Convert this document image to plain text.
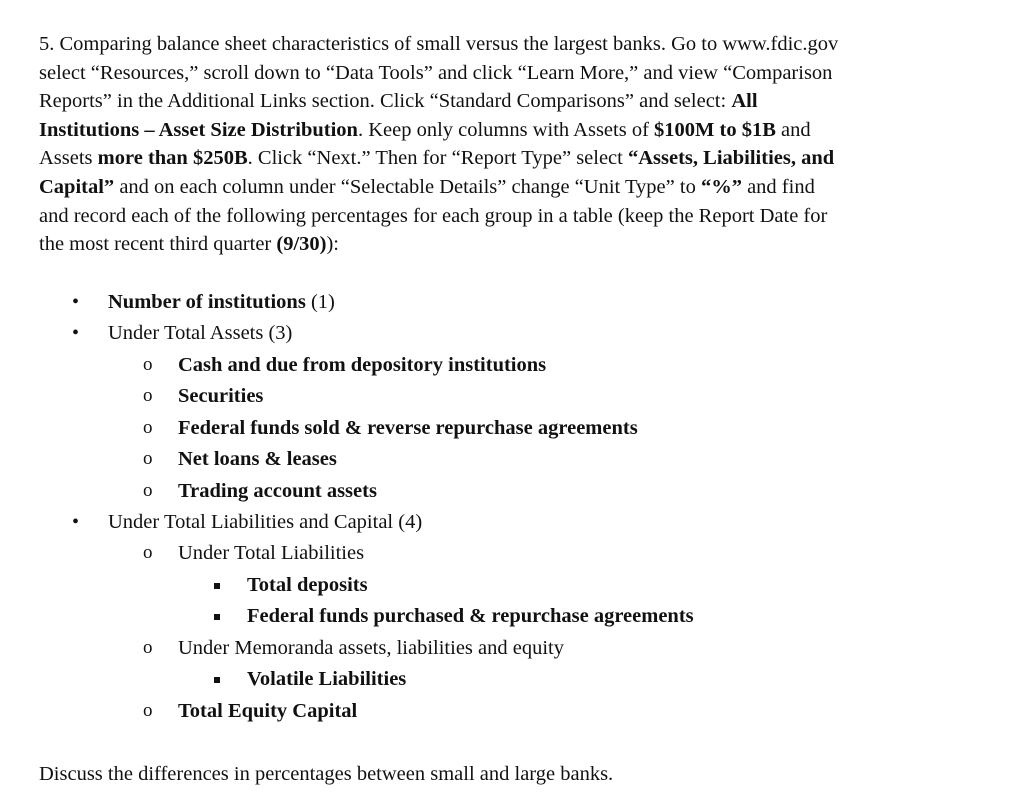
5. Comparing balance sheet characteristics of small versus the largest banks. Go to www.fdic.gov
select “Resources,” scroll down to “Data Tools” and click “Learn More,” and view “Comparison
Reports” in the Additional Links section. Click “Standard Comparisons” and select: All
Institutions – Asset Size Distribution. Keep only columns with Assets of $100M to $1B and
Assets more than $250B. Click “Next.” Then for “Report Type” select “Assets, Liabilities, and
Capital” and on each column under “Selectable Details” change “Unit Type” to “%” and find
and record each of the following percentages for each group in a table (keep the Report Date for
the most recent third quarter (9/30)):
• Number of institutions (1)
• Under Total Assets (3)
o Cash and due from depository institutions
o Securities
o Federal funds sold & reverse repurchase agreements
o Net loans & leases
o Trading account assets
• Under Total Liabilities and Capital (4)
o Under Total Liabilities
Total deposits
Federal funds purchased & repurchase agreements
o Under Memoranda assets, liabilities and equity
Volatile Liabilities
o Total Equity Capital
Discuss the differences in percentages between small and large banks.
